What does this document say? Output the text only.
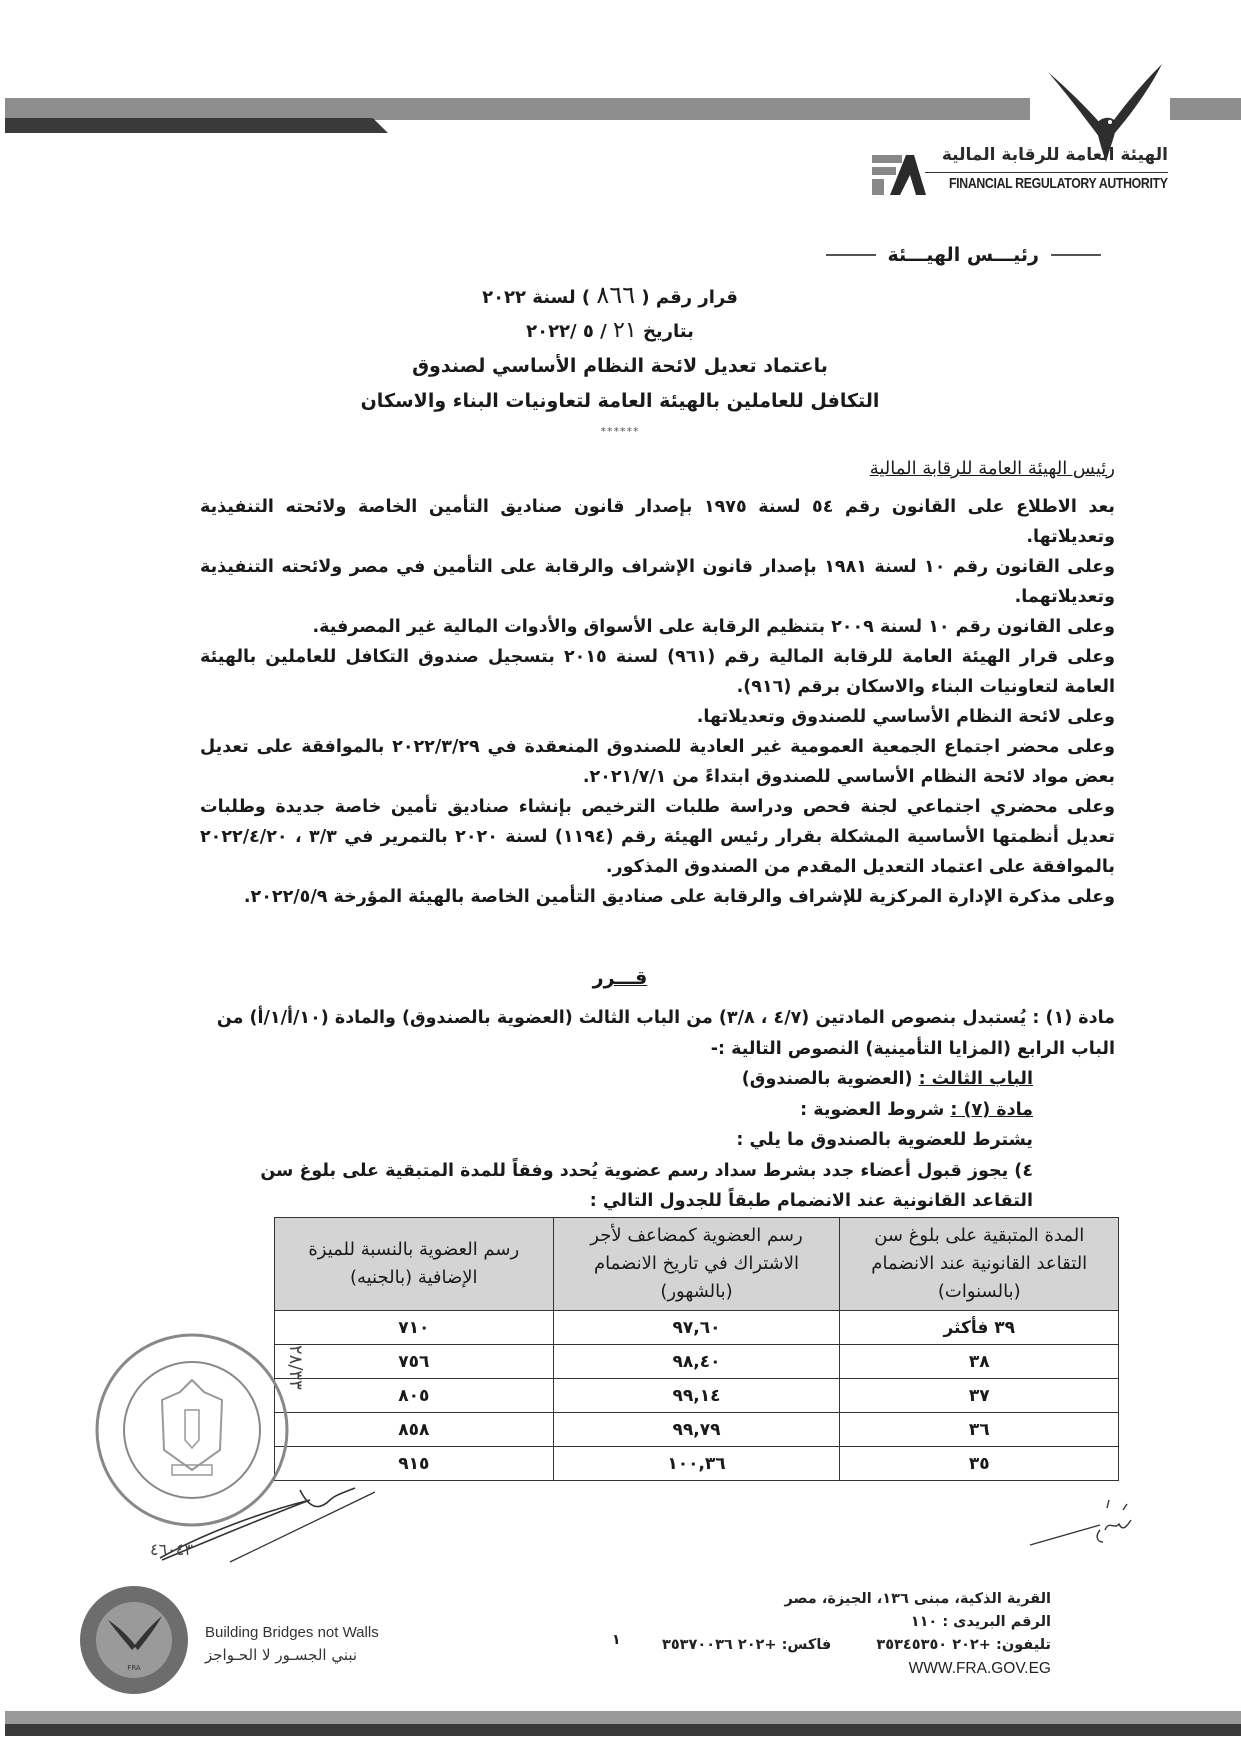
الهيئة العامة للرقابة المالية
FINANCIAL REGULATORY AUTHORITY
رئيـــس الهيـــئة
قرار رقم ( ٨٦٦ ) لسنة ٢٠٢٢
بتاريخ ٢١ / ٥ /٢٠٢٢
باعتماد تعديل لائحة النظام الأساسي لصندوق
التكافل للعاملين بالهيئة العامة لتعاونيات البناء والاسكان
******
رئيس الهيئة العامة للرقابة المالية

بعد الاطلاع على القانون رقم ٥٤ لسنة ١٩٧٥ بإصدار قانون صناديق التأمين الخاصة ولائحته التنفيذية وتعديلاتها.

وعلى القانون رقم ١٠ لسنة ١٩٨١ بإصدار قانون الإشراف والرقابة على التأمين في مصر ولائحته التنفيذية وتعديلاتهما.

وعلى القانون رقم ١٠ لسنة ٢٠٠٩ بتنظيم الرقابة على الأسواق والأدوات المالية غير المصرفية.

وعلى قرار الهيئة العامة للرقابة المالية رقم (٩٦١) لسنة ٢٠١٥ بتسجيل صندوق التكافل للعاملين بالهيئة العامة لتعاونيات البناء والاسكان برقم (٩١٦).

وعلى لائحة النظام الأساسي للصندوق وتعديلاتها.

وعلى محضر اجتماع الجمعية العمومية غير العادية للصندوق المنعقدة في ٢٠٢٢/٣/٢٩ بالموافقة على تعديل بعض مواد لائحة النظام الأساسي للصندوق ابتداءً من ٢٠٢١/٧/١.

وعلى محضري اجتماعي لجنة فحص ودراسة طلبات الترخيص بإنشاء صناديق تأمين خاصة جديدة وطلبات تعديل أنظمتها الأساسية المشكلة بقرار رئيس الهيئة رقم (١١٩٤) لسنة ٢٠٢٠ بالتمرير في ٣/٣ ، ٢٠٢٢/٤/٢٠ بالموافقة على اعتماد التعديل المقدم من الصندوق المذكور.

وعلى مذكرة الإدارة المركزية للإشراف والرقابة على صناديق التأمين الخاصة بالهيئة المؤرخة ٢٠٢٢/٥/٩.

قـــرر

مادة (١) : يُستبدل بنصوص المادتين (٤/٧ ، ٣/٨) من الباب الثالث (العضوية بالصندوق) والمادة (١٠/أ/١/أ) من الباب الرابع (المزايا التأمينية) النصوص التالية :-

الباب الثالث : (العضوية بالصندوق)

مادة (٧) : شروط العضوية :

يشترط للعضوية بالصندوق ما يلي :

٤) يجوز قبول أعضاء جدد بشرط سداد رسم عضوية يُحدد وفقاً للمدة المتبقية على بلوغ سن التقاعد القانونية عند الانضمام طبقاً للجدول التالي :

المدة المتبقية على بلوغ سن التقاعد القانونية عند الانضمام (بالسنوات)	رسم العضوية كمضاعف لأجر الاشتراك في تاريخ الانضمام (بالشهور)	رسم العضوية بالنسبة للميزة الإضافية (بالجنيه)
٣٩ فأكثر	٩٧,٦٠	٧١٠
٣٨	٩٨,٤٠	٧٥٦
٣٧	٩٩,١٤	٨٠٥
٣٦	٩٩,٧٩	٨٥٨
٣٥	١٠٠,٣٦	٩١٥
٢٨/٣٣
٤٦٠٤٣
FRA
Building Bridges not Walls
نبني الجسـور لا الحـواجز
١
القرية الذكية، مبنى ١٣٦، الجيزة، مصر
الرقم البريدى : ١١٠
تليفون: +٢٠٢ ٣٥٣٤٥٣٥٠ فاكس: +٢٠٢ ٣٥٣٧٠٠٣٦
WWW.FRA.GOV.EG
